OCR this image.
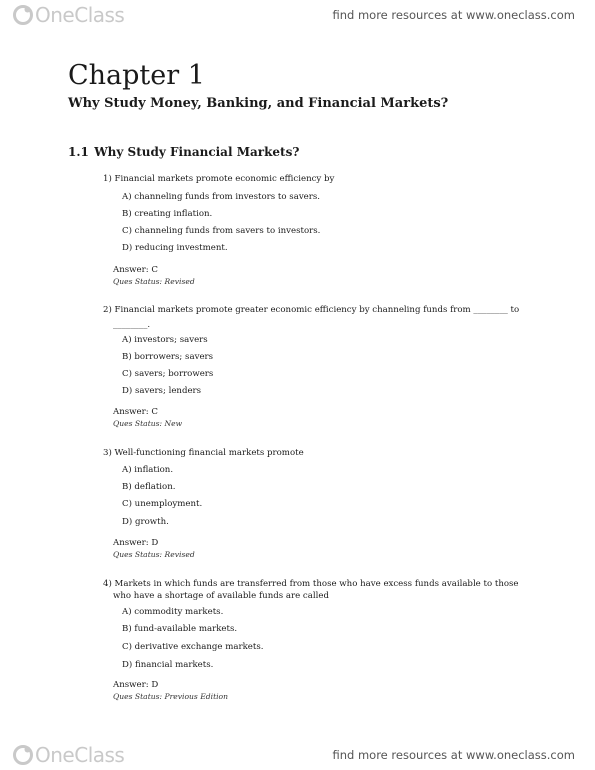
OneClass	find more resources at www.oneclass.com
Chapter 1
Why Study Money, Banking, and Financial Markets?
1.1 Why Study Financial Markets?
1) Financial markets promote economic efficiency by
A) channeling funds from investors to savers.
B) creating inflation.
C) channeling funds from savers to investors.
D) reducing investment.
Answer: C
Ques Status: Revised
2) Financial markets promote greater economic efficiency by channeling funds from ________ to
________.
A) investors; savers
B) borrowers; savers
C) savers; borrowers
D) savers; lenders
Answer: C
Ques Status: New
3) Well-functioning financial markets promote
A) inflation.
B) deflation.
C) unemployment.
D) growth.
Answer: D
Ques Status: Revised
4) Markets in which funds are transferred from those who have excess funds available to those
who have a shortage of available funds are called
A) commodity markets.
B) fund-available markets.
C) derivative exchange markets.
D) financial markets.
Answer: D
Ques Status: Previous Edition
OneClass	find more resources at www.oneclass.com
